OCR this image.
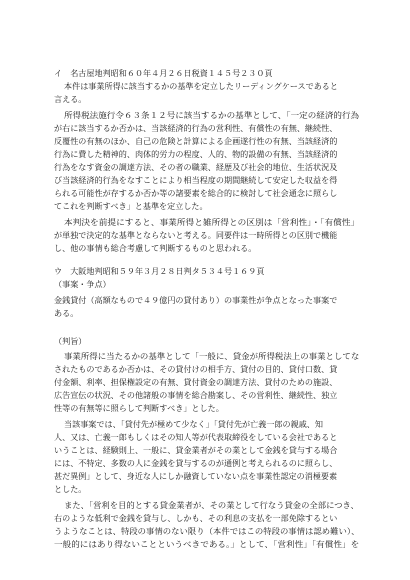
イ　名古屋地判昭和６０年４月２６日税資１４５号２３０頁
本件は事業所得に該当するかの基準を定立したリーディングケースであると
言える。
所得税法施行令６３条１２号に該当するかの基準として、「一定の経済的行為
が右に該当するか否かは、当該経済的行為の営利性、有償性の有無、継続性、
反覆性の有無のほか、自己の危険と計算による企画遂行性の有無、当該経済的
行為に費した精神的、肉体的労力の程度、人的、物的設備の有無、当該経済的
行為をなす資金の調達方法、その者の職業、経歴及び社会的地位、生活状況及
び当該経済的行為をなすことにより相当程度の期間継続して安定した収益を得
られる可能性が存するか否か等の諸要素を総合的に検討して社会通念に照らし
てこれを判断すべき」と基準を定立した。
本判決を前提にすると、事業所得と雑所得との区別は「営利性」・「有償性」
が単独で決定的な基準とならないと考える。同要件は一時所得との区別で機能
し、他の事情も総合考慮して判断するものと思われる。
ウ　大阪地判昭和５９年３月２８日判タ５３４号１６９頁
（事案・争点）
金銭貸付（高額なもので４９億円の貸付あり）の事業性が争点となった事案で
ある。
（判旨）
事業所得に当たるかの基準として「一般に、貸金が所得税法上の事業としてな
されたものであるか否かは、その貸付けの相手方、貸付の目的、貸付口数、貸
付金額、利率、担保権設定の有無、貸付資金の調達方法、貸付のための施設、
広告宣伝の状況、その他諸般の事情を総合勘案し、その営利性、継続性、独立
性等の有無等に照らして判断すべき」とした。
当該事案では、「貸付先が極めて少なく」「貸付先が亡義一郎の親戚、知
人、又は、亡義一郎もしくはその知人等が代表取締役をしている会社であると
いうことは、経験則上、一般に、貸金業者がその業として金銭を貸与する場合
には、不特定、多数の人に金銭を貸与するのが通例と考えられるのに照らし、
甚だ異例」として、身近な人にしか融資していない点を事業性認定の消極要素
とした。
また、「営利を目的とする貸金業者が、その業として行なう貸金の全部につき、
右のような低利で金銭を貸与し、しかも、その利息の支払を一部免除するとい
うようなことは、特段の事情のない限り（本件ではこの特段の事情は認め難い）、
一般的にはあり得ないことというべきである。」として、「営利性」「有償性」を
